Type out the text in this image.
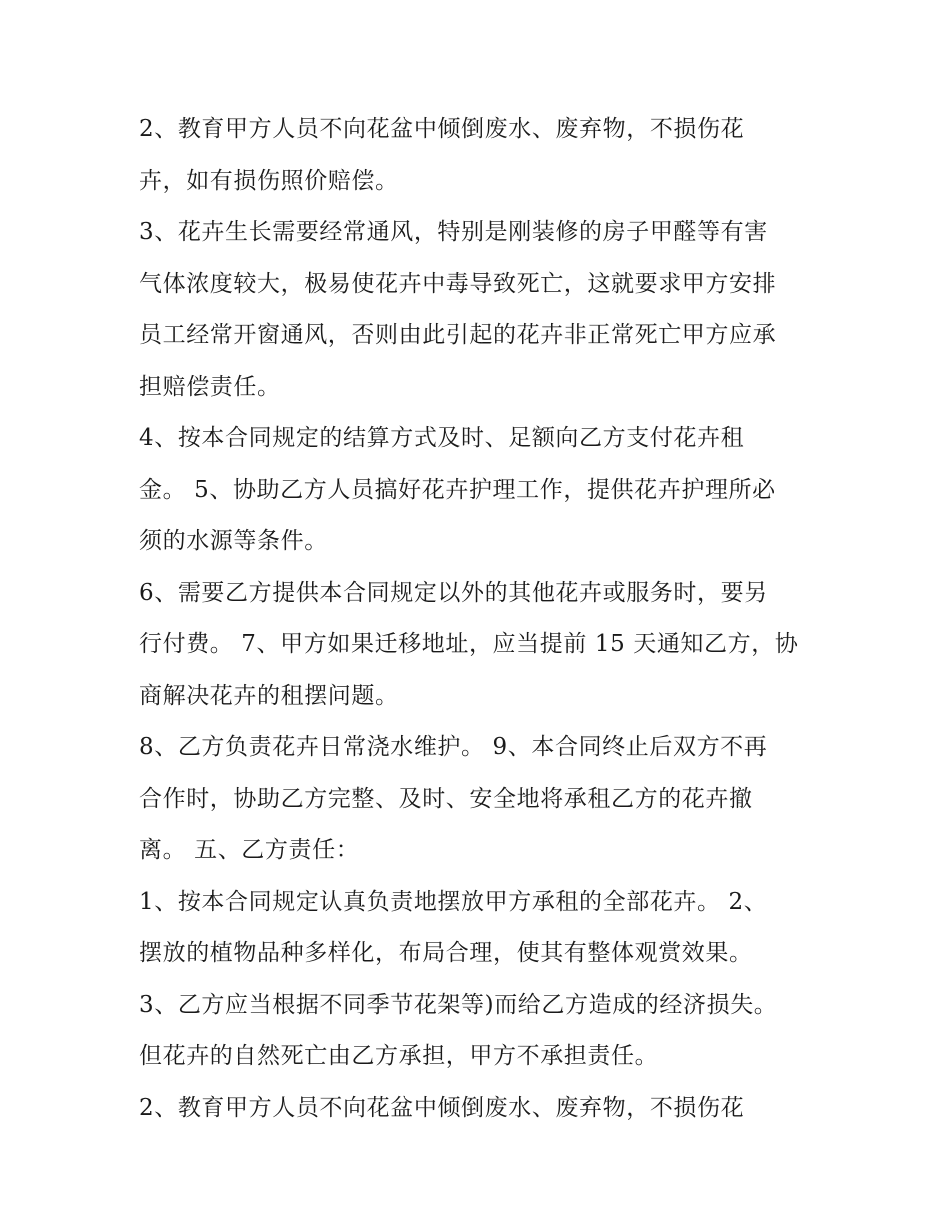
2、教育甲方人员不向花盆中倾倒废水、废弃物，不损伤花
卉，如有损伤照价赔偿。

3、花卉生长需要经常通风，特别是刚装修的房子甲醛等有害
气体浓度较大，极易使花卉中毒导致死亡，这就要求甲方安排
员工经常开窗通风，否则由此引起的花卉非正常死亡甲方应承
担赔偿责任。

4、按本合同规定的结算方式及时、足额向乙方支付花卉租
金。 5、协助乙方人员搞好花卉护理工作，提供花卉护理所必
须的水源等条件。

6、需要乙方提供本合同规定以外的其他花卉或服务时，要另
行付费。 7、甲方如果迁移地址，应当提前 15 天通知乙方，协
商解决花卉的租摆问题。

8、乙方负责花卉日常浇水维护。 9、本合同终止后双方不再
合作时，协助乙方完整、及时、安全地将承租乙方的花卉撤
离。 五、乙方责任：

1、按本合同规定认真负责地摆放甲方承租的全部花卉。 2、
摆放的植物品种多样化，布局合理，使其有整体观赏效果。

3、乙方应当根据不同季节花架等)而给乙方造成的经济损失。
但花卉的自然死亡由乙方承担，甲方不承担责任。

2、教育甲方人员不向花盆中倾倒废水、废弃物，不损伤花
